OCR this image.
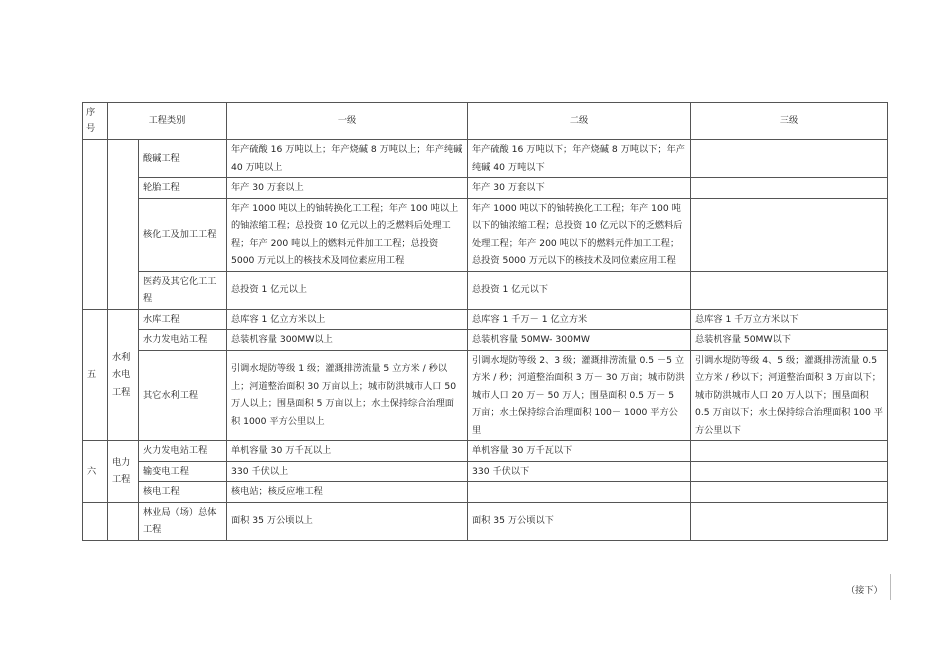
序号	工程类别		一级	二级	三级
		酸碱工程	年产硫酸 16 万吨以上；年产烧碱 8 万吨以上；年产纯碱 40 万吨以上	年产硫酸 16 万吨以下；年产烧碱 8 万吨以下；年产纯碱 40 万吨以下	
		轮胎工程	年产 30 万套以上	年产 30 万套以下	
		核化工及加工工程	年产 1000 吨以上的铀转换化工工程；年产 100 吨以上的铀浓缩工程；总投资 10 亿元以上的乏燃料后处理工程；年产 200 吨以上的燃料元件加工工程；总投资 5000 万元以上的核技术及同位素应用工程	年产 1000 吨以下的铀转换化工工程；年产 100 吨以下的铀浓缩工程；总投资 10 亿元以下的乏燃料后处理工程；年产 200 吨以下的燃料元件加工工程；总投资 5000 万元以下的核技术及同位素应用工程	
		医药及其它化工工程	总投资 1 亿元以上	总投资 1 亿元以下	
五	水利水电工程	水库工程	总库容 1 亿立方米以上	总库容 1 千万－ 1 亿立方米	总库容 1 千万立方米以下
		水力发电站工程	总装机容量 300MW以上	总装机容量 50MW- 300MW	总装机容量 50MW以下
		其它水利工程	引调水堤防等级 1 级；灌溉排涝流量 5 立方米 / 秒以上；河道整治面积 30 万亩以上；城市防洪城市人口 50 万人以上；围垦面积 5 万亩以上；水土保持综合治理面积 1000 平方公里以上	引调水堤防等级 2、3 级；灌溉排涝流量 0.5 －5 立方米 / 秒；河道整治面积 3 万－ 30 万亩；城市防洪城市人口 20 万－ 50 万人；围垦面积 0.5 万－ 5 万亩；水土保持综合治理面积 100－ 1000 平方公里	引调水堤防等级 4、5 级；灌溉排涝流量 0.5 立方米 / 秒以下；河道整治面积 3 万亩以下；城市防洪城市人口 20 万人以下；围垦面积 0.5 万亩以下；水土保持综合治理面积 100 平方公里以下
六	电力工程	火力发电站工程	单机容量 30 万千瓦以上	单机容量 30 万千瓦以下	
		输变电工程	330 千伏以上	330 千伏以下	
		核电工程	核电站；核反应堆工程		
		林业局（场）总体工程	面积 35 万公顷以上	面积 35 万公顷以下	
（接下）
